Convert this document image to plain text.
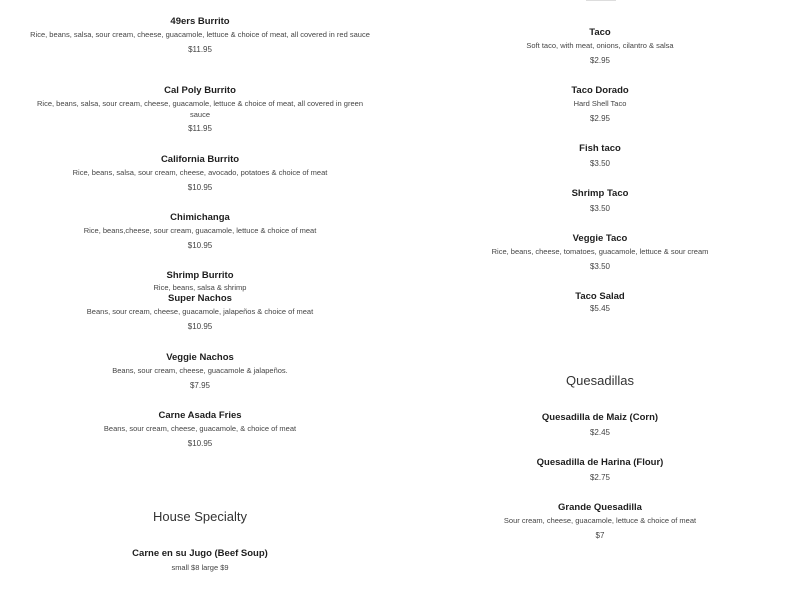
49ers Burrito
Rice, beans, salsa, sour cream, cheese, guacamole, lettuce & choice of meat, all covered in red sauce
$11.95
Cal Poly Burrito
Rice, beans, salsa, sour cream, cheese, guacamole, lettuce & choice of meat, all covered in green sauce
$11.95
California Burrito
Rice, beans, salsa, sour cream, cheese, avocado, potatoes & choice of meat
$10.95
Chimichanga
Rice, beans,cheese, sour cream, guacamole, lettuce & choice of meat
$10.95
Super Nachos
Beans, sour cream, cheese, guacamole, jalapeños & choice of meat
$10.95
Shrimp Burrito
Rice, beans, salsa & shrimp
Veggie Nachos
Beans, sour cream, cheese, guacamole & jalapeños.
$7.95
Carne Asada Fries
Beans, sour cream, cheese, guacamole, & choice of meat
$10.95
House Specialty
Carne en su Jugo (Beef Soup)
small $8 large $9
Taco
Soft taco, with meat, onions, cilantro & salsa
$2.95
Taco Dorado
Hard Shell Taco
$2.95
Fish taco
$3.50
Shrimp Taco
$3.50
Veggie Taco
Rice, beans, cheese, tomatoes, guacamole, lettuce & sour cream
$3.50
Taco Salad
$5.45
Quesadillas
Quesadilla de Maiz (Corn)
$2.45
Quesadilla de Harina (Flour)
$2.75
Grande Quesadilla
Sour cream, cheese, guacamole, lettuce & choice of meat
$7
